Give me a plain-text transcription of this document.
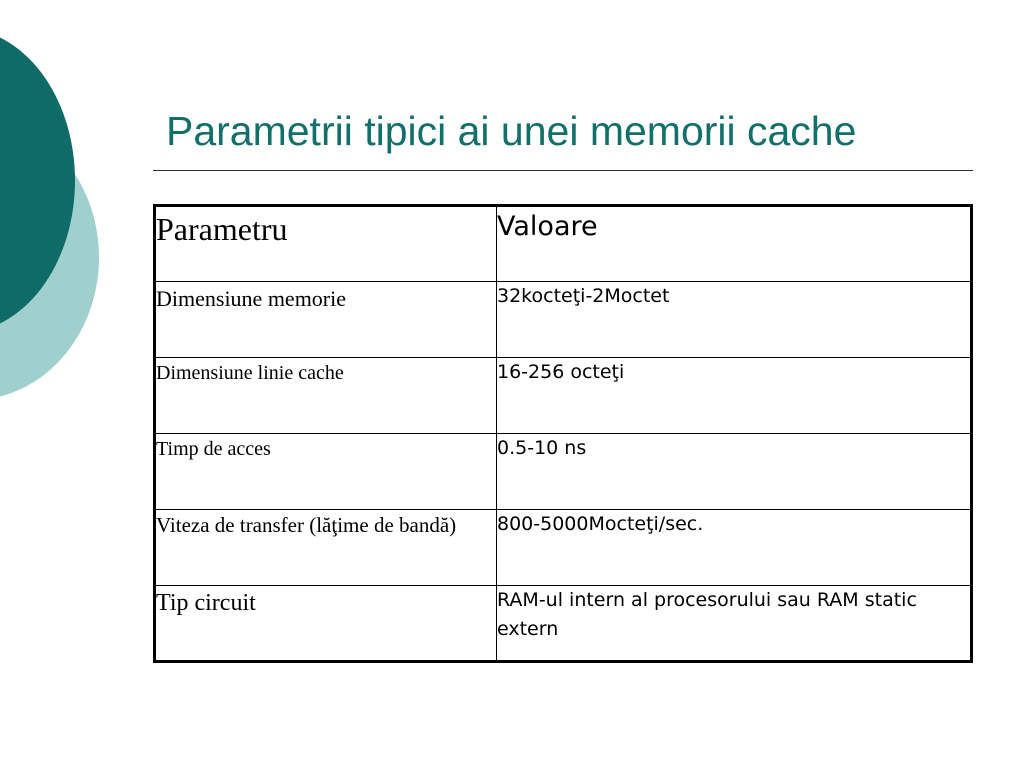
Parametrii tipici ai unei memorii cache
Parametru	Valoare
Dimensiune memorie	32kocteţi-2Moctet
Dimensiune linie cache	16-256 octeţi
Timp de acces	0.5-10 ns
Viteza de transfer (lăţime de bandă)	800-5000Mocteţi/sec.
Tip circuit	RAM-ul intern al procesorului sau RAM static extern
